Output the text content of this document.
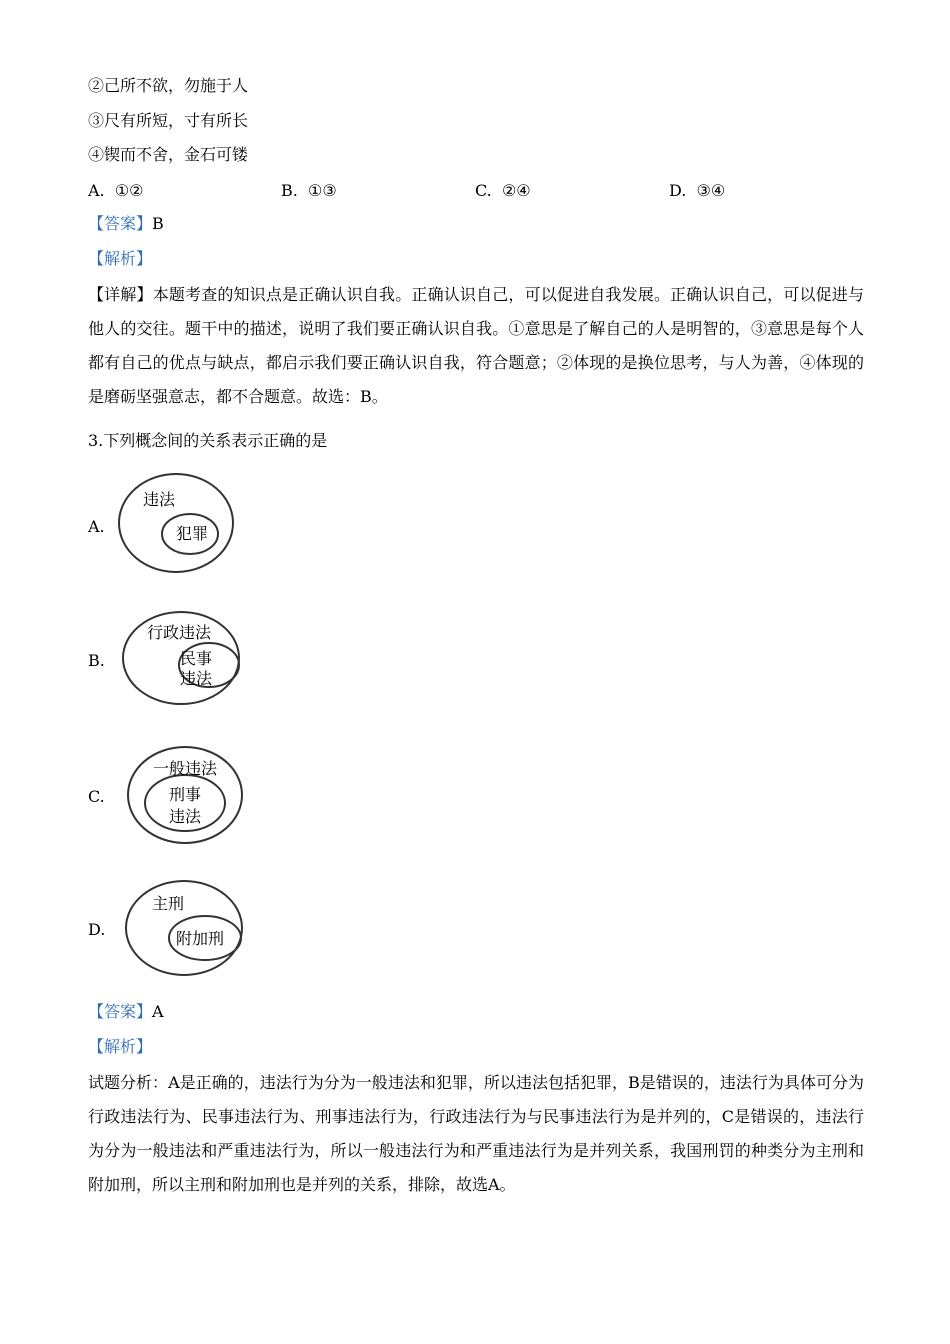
②己所不欲，勿施于人
③尺有所短，寸有所长
④锲而不舍，金石可镂
A. ①②	B. ①③	C. ②④	D. ③④
【答案】B
【解析】
【详解】本题考查的知识点是正确认识自我。正确认识自己，可以促进自我发展。正确认识自己，可以促进与他人的交往。题干中的描述，说明了我们要正确认识自我。①意思是了解自己的人是明智的，③意思是每个人都有自己的优点与缺点，都启示我们要正确认识自我，符合题意；②体现的是换位思考，与人为善，④体现的是磨砺坚强意志，都不合题意。故选：B。
3.下列概念间的关系表示正确的是
A.
违法
犯罪
B.
行政违法
民事
违法
C.
一般违法
刑事
违法
D.
主刑
附加刑
【答案】A
【解析】
试题分析：A是正确的，违法行为分为一般违法和犯罪，所以违法包括犯罪，B是错误的，违法行为具体可分为行政违法行为、民事违法行为、刑事违法行为，行政违法行为与民事违法行为是并列的，C是错误的，违法行为分为一般违法和严重违法行为，所以一般违法行为和严重违法行为是并列关系，我国刑罚的种类分为主刑和附加刑，所以主刑和附加刑也是并列的关系，排除，故选A。
